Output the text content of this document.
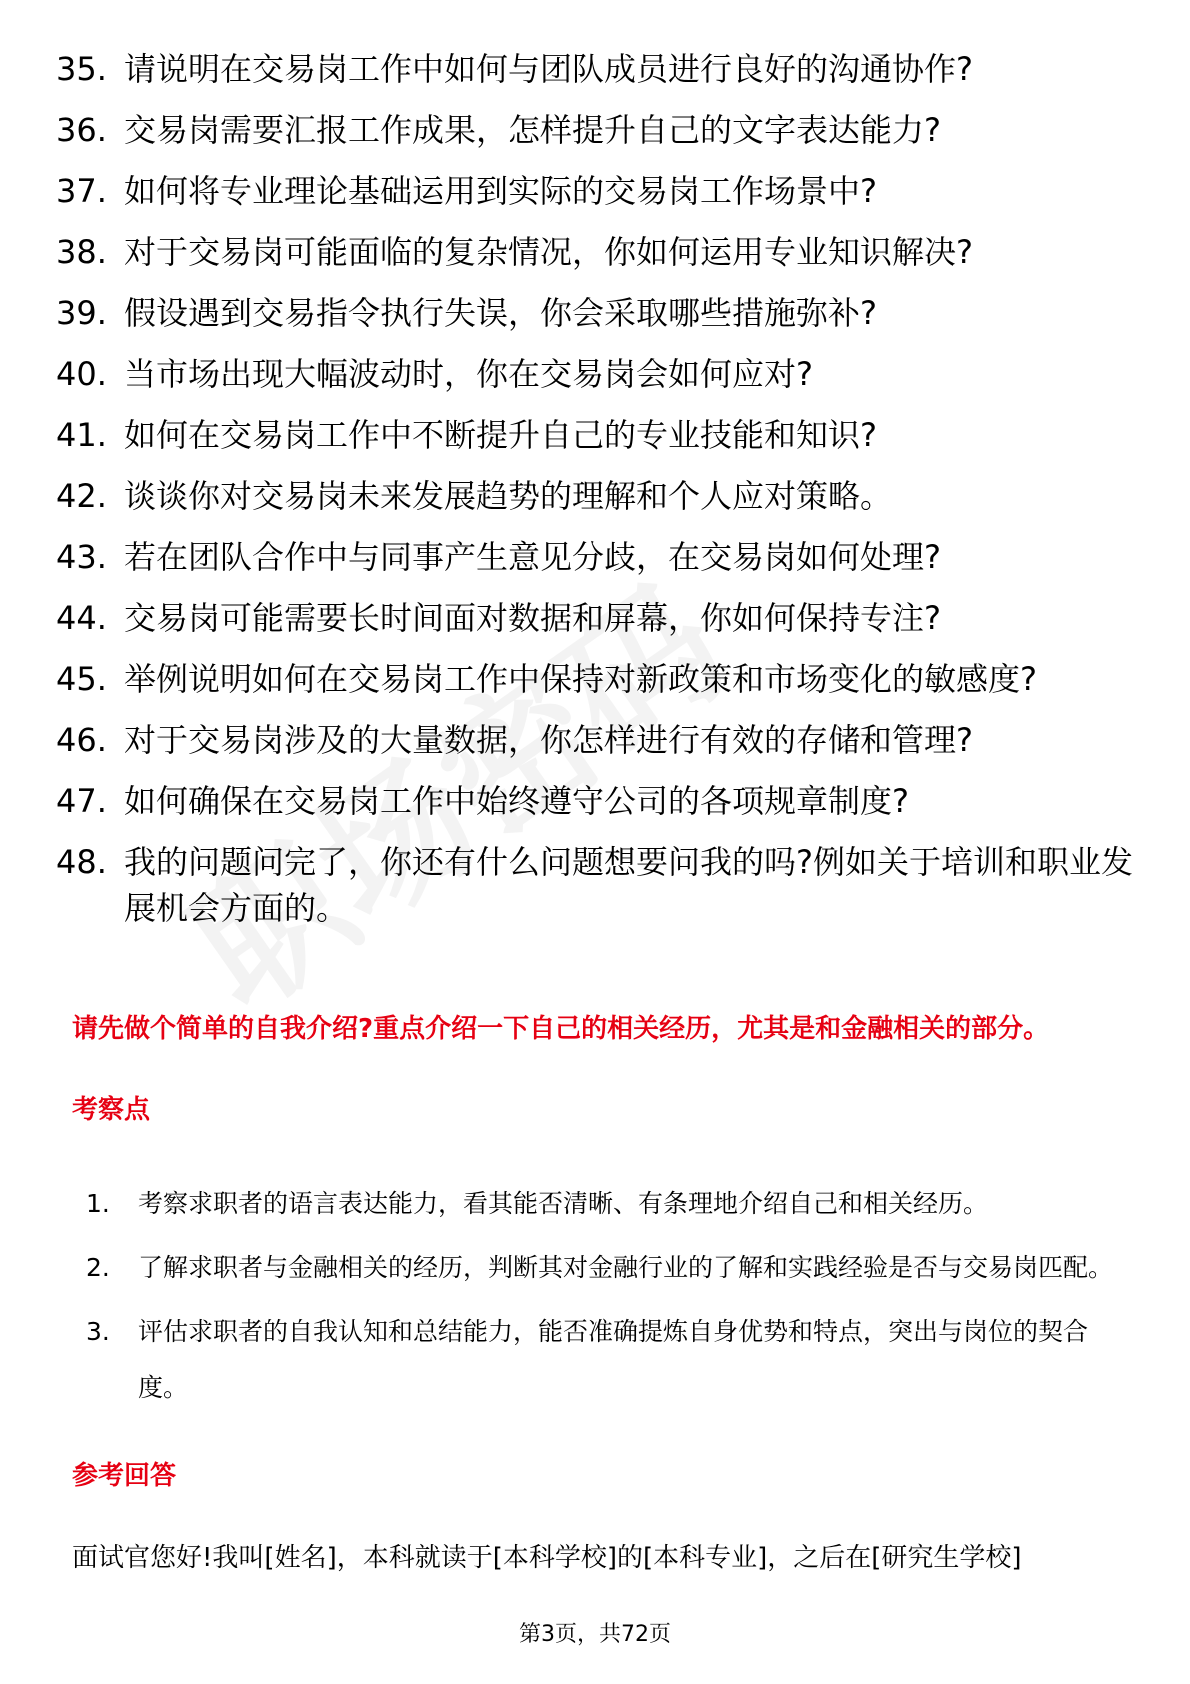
35. 请说明在交易岗工作中如何与团队成员进行良好的沟通协作?
36. 交易岗需要汇报工作成果，怎样提升自己的文字表达能力?
37. 如何将专业理论基础运用到实际的交易岗工作场景中?
38. 对于交易岗可能面临的复杂情况，你如何运用专业知识解决?
39. 假设遇到交易指令执行失误，你会采取哪些措施弥补?
40. 当市场出现大幅波动时，你在交易岗会如何应对?
41. 如何在交易岗工作中不断提升自己的专业技能和知识?
42. 谈谈你对交易岗未来发展趋势的理解和个人应对策略。
43. 若在团队合作中与同事产生意见分歧，在交易岗如何处理?
44. 交易岗可能需要长时间面对数据和屏幕，你如何保持专注?
45. 举例说明如何在交易岗工作中保持对新政策和市场变化的敏感度?
46. 对于交易岗涉及的大量数据，你怎样进行有效的存储和管理?
47. 如何确保在交易岗工作中始终遵守公司的各项规章制度?
48. 我的问题问完了，你还有什么问题想要问我的吗?例如关于培训和职业发展机会方面的。
请先做个简单的自我介绍?重点介绍一下自己的相关经历，尤其是和金融相关的部分。
考察点
1.	考察求职者的语言表达能力，看其能否清晰、有条理地介绍自己和相关经历。
2.	了解求职者与金融相关的经历，判断其对金融行业的了解和实践经验是否与交易岗匹配。
3.	评估求职者的自我认知和总结能力，能否准确提炼自身优势和特点，突出与岗位的契合度。
参考回答
面试官您好!我叫[姓名]，本科就读于[本科学校]的[本科专业]，之后在[研究生学校]
第3页，共72页
